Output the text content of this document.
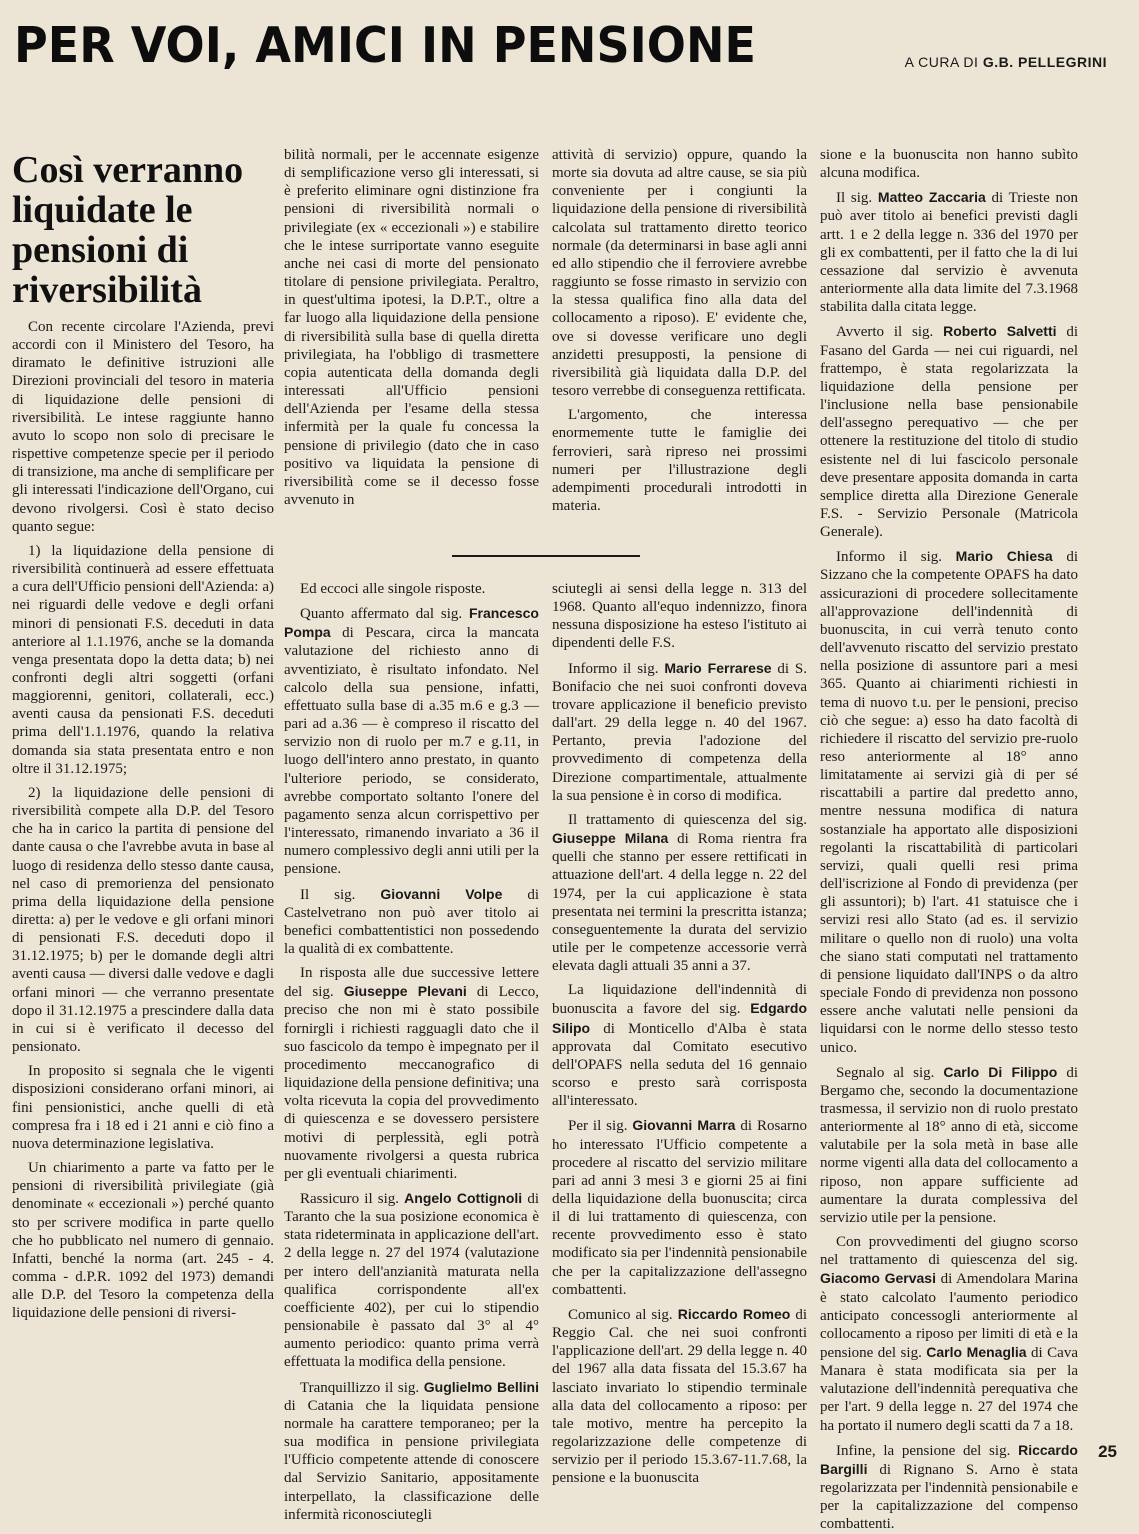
PER VOI, AMICI IN PENSIONE	A CURA DI G.B. PELLEGRINI
Così verranno liquidate le pensioni di riversibilità

Con recente circolare l'Azienda, previ accordi con il Ministero del Tesoro, ha diramato le definitive istruzioni alle Direzioni provinciali del tesoro in materia di liquidazione delle pensioni di riversibilità. Le intese raggiunte hanno avuto lo scopo non solo di precisare le rispettive competenze specie per il periodo di transizione, ma anche di semplificare per gli interessati l'indicazione dell'Organo, cui devono rivolgersi. Così è stato deciso quanto segue:

1) la liquidazione della pensione di riversibilità continuerà ad essere effettuata a cura dell'Ufficio pensioni dell'Azienda: a) nei riguardi delle vedove e degli orfani minori di pensionati F.S. deceduti in data anteriore al 1.1.1976, anche se la domanda venga presentata dopo la detta data; b) nei confronti degli altri soggetti (orfani maggiorenni, genitori, collaterali, ecc.) aventi causa da pensionati F.S. deceduti prima dell'1.1.1976, quando la relativa domanda sia stata presentata entro e non oltre il 31.12.1975;

2) la liquidazione delle pensioni di riversibilità compete alla D.P. del Tesoro che ha in carico la partita di pensione del dante causa o che l'avrebbe avuta in base al luogo di residenza dello stesso dante causa, nel caso di premorienza del pensionato prima della liquidazione della pensione diretta: a) per le vedove e gli orfani minori di pensionati F.S. deceduti dopo il 31.12.1975; b) per le domande degli altri aventi causa — diversi dalle vedove e dagli orfani minori — che verranno presentate dopo il 31.12.1975 a prescindere dalla data in cui si è verificato il decesso del pensionato.

In proposito si segnala che le vigenti disposizioni considerano orfani minori, ai fini pensionistici, anche quelli di età compresa fra i 18 ed i 21 anni e ciò fino a nuova determinazione legislativa.

Un chiarimento a parte va fatto per le pensioni di riversibilità privilegiate (già denominate « eccezionali ») perché quanto sto per scrivere modifica in parte quello che ho pubblicato nel numero di gennaio. Infatti, benché la norma (art. 245 - 4. comma - d.P.R. 1092 del 1973) demandi alle D.P. del Tesoro la competenza della liquidazione delle pensioni di riversi-

bilità normali, per le accennate esigenze di semplificazione verso gli interessati, si è preferito eliminare ogni distinzione fra pensioni di riversibilità normali o privilegiate (ex « eccezionali ») e stabilire che le intese surriportate vanno eseguite anche nei casi di morte del pensionato titolare di pensione privilegiata. Peraltro, in quest'ultima ipotesi, la D.P.T., oltre a far luogo alla liquidazione della pensione di riversibilità sulla base di quella diretta privilegiata, ha l'obbligo di trasmettere copia autenticata della domanda degli interessati all'Ufficio pensioni dell'Azienda per l'esame della stessa infermità per la quale fu concessa la pensione di privilegio (dato che in caso positivo va liquidata la pensione di riversibilità come se il decesso fosse avvenuto in

attività di servizio) oppure, quando la morte sia dovuta ad altre cause, se sia più conveniente per i congiunti la liquidazione della pensione di riversibilità calcolata sul trattamento diretto teorico normale (da determinarsi in base agli anni ed allo stipendio che il ferroviere avrebbe raggiunto se fosse rimasto in servizio con la stessa qualifica fino alla data del collocamento a riposo). E' evidente che, ove si dovesse verificare uno degli anzidetti presupposti, la pensione di riversibilità già liquidata dalla D.P. del tesoro verrebbe di conseguenza rettificata.

L'argomento, che interessa enormemente tutte le famiglie dei ferrovieri, sarà ripreso nei prossimi numeri per l'illustrazione degli adempimenti procedurali introdotti in materia.

Ed eccoci alle singole risposte.

Quanto affermato dal sig. Francesco Pompa di Pescara, circa la mancata valutazione del richiesto anno di avventiziato, è risultato infondato. Nel calcolo della sua pensione, infatti, effettuato sulla base di a.35 m.6 e g.3 — pari ad a.36 — è compreso il riscatto del servizio non di ruolo per m.7 e g.11, in luogo dell'intero anno prestato, in quanto l'ulteriore periodo, se considerato, avrebbe comportato soltanto l'onere del pagamento senza alcun corrispettivo per l'interessato, rimanendo invariato a 36 il numero complessivo degli anni utili per la pensione.

Il sig. Giovanni Volpe di Castelvetrano non può aver titolo ai benefici combattentistici non possedendo la qualità di ex combattente.

In risposta alle due successive lettere del sig. Giuseppe Plevani di Lecco, preciso che non mi è stato possibile fornirgli i richiesti ragguagli dato che il suo fascicolo da tempo è impegnato per il procedimento meccanografico di liquidazione della pensione definitiva; una volta ricevuta la copia del provvedimento di quiescenza e se dovessero persistere motivi di perplessità, egli potrà nuovamente rivolgersi a questa rubrica per gli eventuali chiarimenti.

Rassicuro il sig. Angelo Cottignoli di Taranto che la sua posizione economica è stata rideterminata in applicazione dell'art. 2 della legge n. 27 del 1974 (valutazione per intero dell'anzianità maturata nella qualifica corrispondente all'ex coefficiente 402), per cui lo stipendio pensionabile è passato dal 3° al 4° aumento periodico: quanto prima verrà effettuata la modifica della pensione.

Tranquillizzo il sig. Guglielmo Bellini di Catania che la liquidata pensione normale ha carattere temporaneo; per la sua modifica in pensione privilegiata l'Ufficio competente attende di conoscere dal Servizio Sanitario, appositamente interpellato, la classificazione delle infermità riconosciutegli

sciutegli ai sensi della legge n. 313 del 1968. Quanto all'equo indennizzo, finora nessuna disposizione ha esteso l'istituto ai dipendenti delle F.S.

Informo il sig. Mario Ferrarese di S. Bonifacio che nei suoi confronti doveva trovare applicazione il beneficio previsto dall'art. 29 della legge n. 40 del 1967. Pertanto, previa l'adozione del provvedimento di competenza della Direzione compartimentale, attualmente la sua pensione è in corso di modifica.

Il trattamento di quiescenza del sig. Giuseppe Milana di Roma rientra fra quelli che stanno per essere rettificati in attuazione dell'art. 4 della legge n. 22 del 1974, per la cui applicazione è stata presentata nei termini la prescritta istanza; conseguentemente la durata del servizio utile per le competenze accessorie verrà elevata dagli attuali 35 anni a 37.

La liquidazione dell'indennità di buonuscita a favore del sig. Edgardo Silipo di Monticello d'Alba è stata approvata dal Comitato esecutivo dell'OPAFS nella seduta del 16 gennaio scorso e presto sarà corrisposta all'interessato.

Per il sig. Giovanni Marra di Rosarno ho interessato l'Ufficio competente a procedere al riscatto del servizio militare pari ad anni 3 mesi 3 e giorni 25 ai fini della liquidazione della buonuscita; circa il di lui trattamento di quiescenza, con recente provvedimento esso è stato modificato sia per l'indennità pensionabile che per la capitalizzazione dell'assegno combattenti.

Comunico al sig. Riccardo Romeo di Reggio Cal. che nei suoi confronti l'applicazione dell'art. 29 della legge n. 40 del 1967 alla data fissata del 15.3.67 ha lasciato invariato lo stipendio terminale alla data del collocamento a riposo: per tale motivo, mentre ha percepito la regolarizzazione delle competenze di servizio per il periodo 15.3.67-11.7.68, la pensione e la buonuscita

sione e la buonuscita non hanno subìto alcuna modifica.

Il sig. Matteo Zaccaria di Trieste non può aver titolo ai benefici previsti dagli artt. 1 e 2 della legge n. 336 del 1970 per gli ex combattenti, per il fatto che la di lui cessazione dal servizio è avvenuta anteriormente alla data limite del 7.3.1968 stabilita dalla citata legge.

Avverto il sig. Roberto Salvetti di Fasano del Garda — nei cui riguardi, nel frattempo, è stata regolarizzata la liquidazione della pensione per l'inclusione nella base pensionabile dell'assegno perequativo — che per ottenere la restituzione del titolo di studio esistente nel di lui fascicolo personale deve presentare apposita domanda in carta semplice diretta alla Direzione Generale F.S. - Servizio Personale (Matricola Generale).

Informo il sig. Mario Chiesa di Sizzano che la competente OPAFS ha dato assicurazioni di procedere sollecitamente all'approvazione dell'indennità di buonuscita, in cui verrà tenuto conto dell'avvenuto riscatto del servizio prestato nella posizione di assuntore pari a mesi 365. Quanto ai chiarimenti richiesti in tema di nuovo t.u. per le pensioni, preciso ciò che segue: a) esso ha dato facoltà di richiedere il riscatto del servizio pre-ruolo reso anteriormente al 18° anno limitatamente ai servizi già di per sé riscattabili a partire dal predetto anno, mentre nessuna modifica di natura sostanziale ha apportato alle disposizioni regolanti la riscattabilità di particolari servizi, quali quelli resi prima dell'iscrizione al Fondo di previdenza (per gli assuntori); b) l'art. 41 statuisce che i servizi resi allo Stato (ad es. il servizio militare o quello non di ruolo) una volta che siano stati computati nel trattamento di pensione liquidato dall'INPS o da altro speciale Fondo di previdenza non possono essere anche valutati nelle pensioni da liquidarsi con le norme dello stesso testo unico.

Segnalo al sig. Carlo Di Filippo di Bergamo che, secondo la documentazione trasmessa, il servizio non di ruolo prestato anteriormente al 18° anno di età, siccome valutabile per la sola metà in base alle norme vigenti alla data del collocamento a riposo, non appare sufficiente ad aumentare la durata complessiva del servizio utile per la pensione.

Con provvedimenti del giugno scorso nel trattamento di quiescenza del sig. Giacomo Gervasi di Amendolara Marina è stato calcolato l'aumento periodico anticipato concessogli anteriormente al collocamento a riposo per limiti di età e la pensione del sig. Carlo Menaglia di Cava Manara è stata modificata sia per la valutazione dell'indennità perequativa che per l'art. 9 della legge n. 27 del 1974 che ha portato il numero degli scatti da 7 a 18.

Infine, la pensione del sig. Riccardo Bargilli di Rignano S. Arno è stata regolarizzata per l'indennità pensionabile e per la capitalizzazione del compenso combattenti.

25
